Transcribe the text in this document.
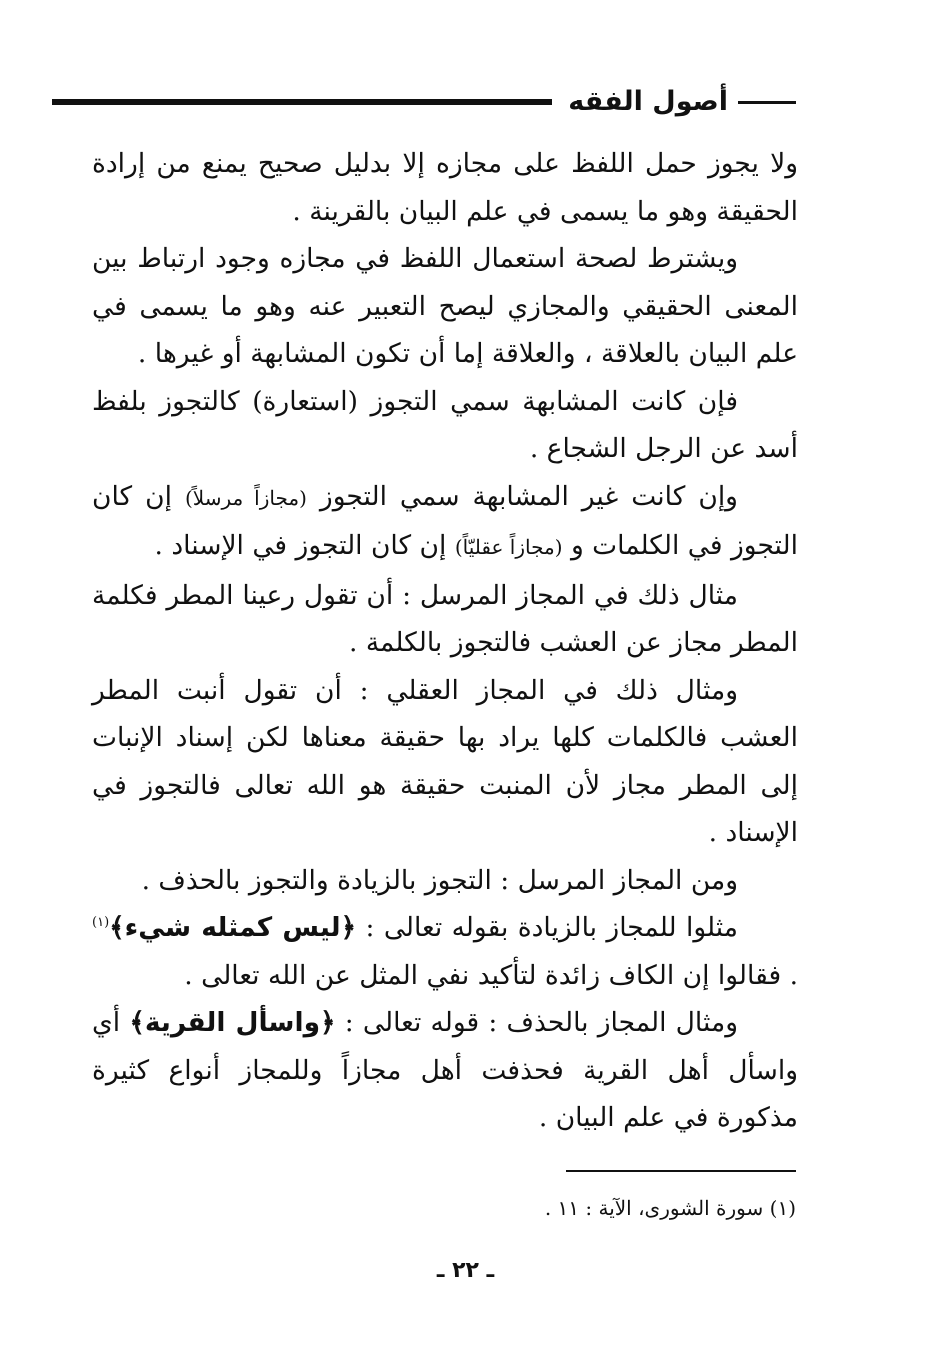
أصول الفقه

ولا يجوز حمل اللفظ على مجازه إلا بدليل صحيح يمنع من إرادة الحقيقة وهو ما يسمى في علم البيان بالقرينة .

ويشترط لصحة استعمال اللفظ في مجازه وجود ارتباط بين المعنى الحقيقي والمجازي ليصح التعبير عنه وهو ما يسمى في علم البيان بالعلاقة ، والعلاقة إما أن تكون المشابهة أو غيرها .

فإن كانت المشابهة سمي التجوز (استعارة) كالتجوز بلفظ أسد عن الرجل الشجاع .

وإن كانت غير المشابهة سمي التجوز (مجازاً مرسلاً) إن كان التجوز في الكلمات و (مجازاً عقليّاً) إن كان التجوز في الإسناد .

مثال ذلك في المجاز المرسل : أن تقول رعينا المطر فكلمة المطر مجاز عن العشب فالتجوز بالكلمة .

ومثال ذلك في المجاز العقلي : أن تقول أنبت المطر العشب فالكلمات كلها يراد بها حقيقة معناها لكن إسناد الإنبات إلى المطر مجاز لأن المنبت حقيقة هو الله تعالى فالتجوز في الإسناد .

ومن المجاز المرسل : التجوز بالزيادة والتجوز بالحذف .

مثلوا للمجاز بالزيادة بقوله تعالى : ﴿ليس كمثله شيء﴾$^{(١)}$ . فقالوا إن الكاف زائدة لتأكيد نفي المثل عن الله تعالى .

ومثال المجاز بالحذف : قوله تعالى : ﴿واسأل القرية﴾ أي واسأل أهل القرية فحذفت أهل مجازاً وللمجاز أنواع كثيرة مذكورة في علم البيان .

(١) سورة الشورى، الآية : ١١ .
ـ ٢٢ ـ
